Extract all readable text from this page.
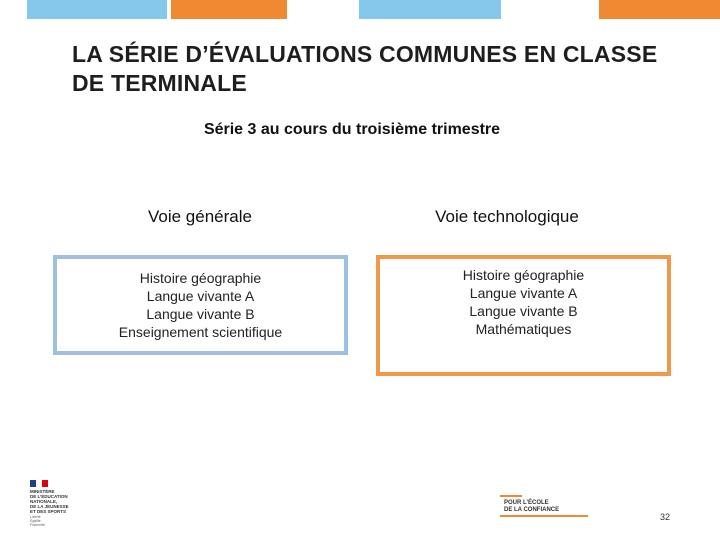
LA SÉRIE D’ÉVALUATIONS COMMUNES EN CLASSE DE TERMINALE
Série 3 au cours du troisième trimestre
Voie générale	Voie technologique
Histoire géographie
Langue vivante A
Langue vivante B
Enseignement scientifique
Histoire géographie
Langue vivante A
Langue vivante B
Mathématiques
MINISTÈRE
DE L’ÉDUCATION
NATIONALE,
DE LA JEUNESSE
ET DES SPORTS
Liberté
Égalité
Fraternité
POUR L’ÉCOLE
DE LA CONFIANCE
32
